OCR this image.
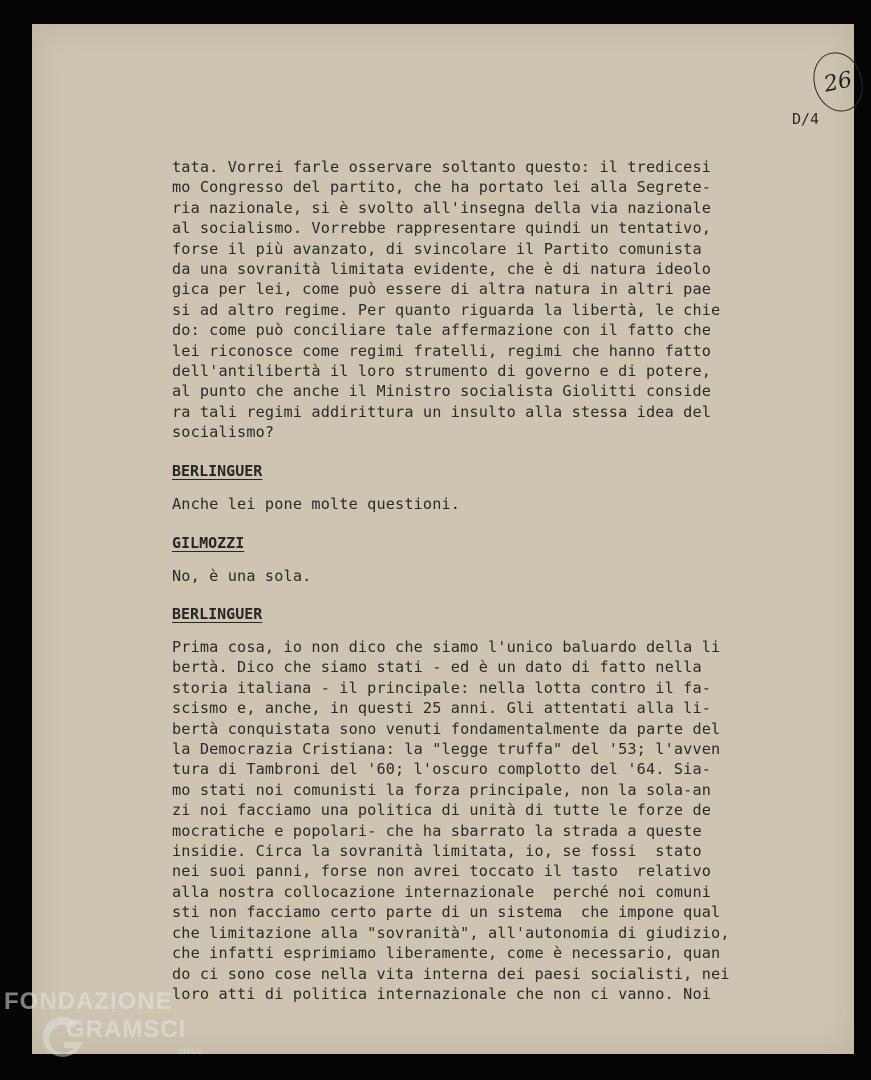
26
D/4
tata. Vorrei farle osservare soltanto questo: il tredicesi
mo Congresso del partito, che ha portato lei alla Segrete-
ria nazionale, si è svolto all'insegna della via nazionale
al socialismo. Vorrebbe rappresentare quindi un tentativo,
forse il più avanzato, di svincolare il Partito comunista
da una sovranità limitata evidente, che è di natura ideolo
gica per lei, come può essere di altra natura in altri pae
si ad altro regime. Per quanto riguarda la libertà, le chie
do: come può conciliare tale affermazione con il fatto che
lei riconosce come regimi fratelli, regimi che hanno fatto
dell'antilibertà il loro strumento di governo e di potere,
al punto che anche il Ministro socialista Giolitti conside
ra tali regimi addirittura un insulto alla stessa idea del
socialismo?
BERLINGUER
Anche lei pone molte questioni.
GILMOZZI
No, è una sola.
BERLINGUER
Prima cosa, io non dico che siamo l'unico baluardo della li
bertà. Dico che siamo stati - ed è un dato di fatto nella
storia italiana - il principale: nella lotta contro il fa-
scismo e, anche, in questi 25 anni. Gli attentati alla li-
bertà conquistata sono venuti fondamentalmente da parte del
la Democrazia Cristiana: la "legge truffa" del '53; l'avven
tura di Tambroni del '60; l'oscuro complotto del '64. Sia-
mo stati noi comunisti la forza principale, non la sola-an
zi noi facciamo una politica di unità di tutte le forze de
mocratiche e popolari- che ha sbarrato la strada a queste
insidie. Circa la sovranità limitata, io, se fossi  stato
nei suoi panni, forse non avrei toccato il tasto  relativo
alla nostra collocazione internazionale  perché noi comuni
sti non facciamo certo parte di un sistema  che impone qual
che limitazione alla "sovranità", all'autonomia di giudizio,
che infatti esprimiamo liberamente, come è necessario, quan
do ci sono cose nella vita interna dei paesi socialisti, nei
loro atti di politica internazionale che non ci vanno. Noi
FONDAZIONE
GRAMSCI
onlus
